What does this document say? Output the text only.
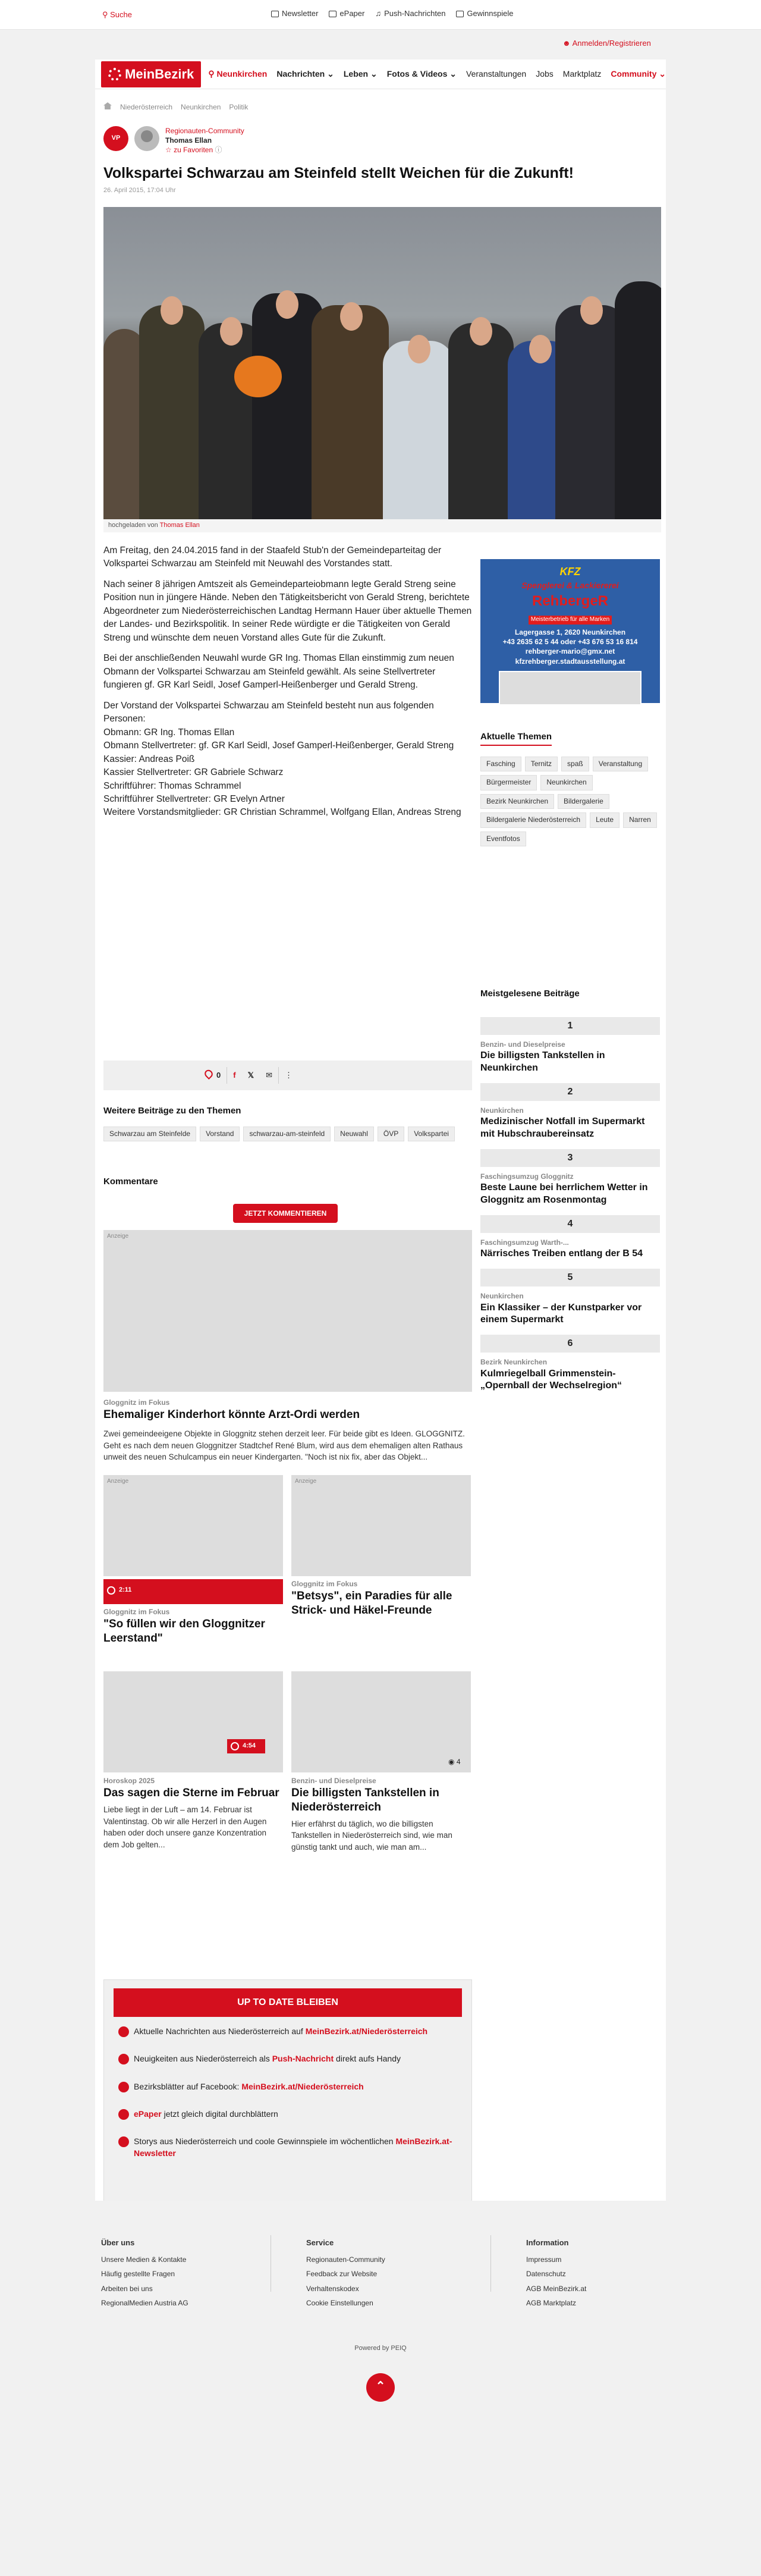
⚲ Suche	Newsletter	ePaper ♫ Push-Nachrichten	Gewinnspiele
☻ Anmelden/Registrieren
MeinBezirk ⚲ Neunkirchen Nachrichten ⌄ Leben ⌄ Fotos & Videos ⌄ Veranstaltungen Jobs Marktplatz Community ⌄
Niederösterreich Neunkirchen Politik
VP
Regionauten-Community
Thomas Ellan
☆ zu Favoriten ⓘ
Volkspartei Schwarzau am Steinfeld stellt Weichen für die Zukunft!
26. April 2015, 17:04 Uhr
hochgeladen von Thomas Ellan

Am Freitag, den 24.04.2015 fand in der Staafeld Stub'n der Gemeindeparteitag der Volkspartei Schwarzau am Steinfeld mit Neuwahl des Vorstandes statt.

Nach seiner 8 jährigen Amtszeit als Gemeindeparteiobmann legte Gerald Streng seine Position nun in jüngere Hände. Neben den Tätigkeitsbericht von Gerald Streng, berichtete Abgeordneter zum Niederösterreichischen Landtag Hermann Hauer über aktuelle Themen der Landes- und Bezirkspolitik. In seiner Rede würdigte er die Tätigkeiten von Gerald Streng und wünschte dem neuen Vorstand alles Gute für die Zukunft.

Bei der anschließenden Neuwahl wurde GR Ing. Thomas Ellan einstimmig zum neuen Obmann der Volkspartei Schwarzau am Steinfeld gewählt. Als seine Stellvertreter fungieren gf. GR Karl Seidl, Josef Gamperl-Heißenberger und Gerald Streng.

Der Vorstand der Volkspartei Schwarzau am Steinfeld besteht nun aus folgenden Personen:
Obmann: GR Ing. Thomas Ellan
Obmann Stellvertreter: gf. GR Karl Seidl, Josef Gamperl-Heißenberger, Gerald Streng
Kassier: Andreas Poiß
Kassier Stellvertreter: GR Gabriele Schwarz
Schriftführer: Thomas Schrammel
Schriftführer Stellvertreter: GR Evelyn Artner
Weitere Vorstandsmitglieder: GR Christian Schrammel, Wolfgang Ellan, Andreas Streng

KFZ
Spenglerei & Lackiererei
RehbergeR
Meisterbetrieb für alle Marken
Lagergasse 1, 2620 Neunkirchen
+43 2635 62 5 44 oder +43 676 53 16 814
rehberger-mario@gmx.net
kfzrehberger.stadtausstellung.at
Aktuelle Themen
Fasching	Ternitz	spaß	Veranstaltung
Bürgermeister	Neunkirchen
Bezirk Neunkirchen	Bildergalerie
Bildergalerie Niederösterreich	Leute	Narren
Eventfotos
Meistgelesene Beiträge
1
Benzin- und Dieselpreise
Die billigsten Tankstellen in Neunkirchen
2
Neunkirchen
Medizinischer Notfall im Supermarkt mit Hubschraubereinsatz
3
Faschingsumzug Gloggnitz
Beste Laune bei herrlichem Wetter in Gloggnitz am Rosenmontag
4
Faschingsumzug Warth-...
Närrisches Treiben entlang der B 54
5
Neunkirchen
Ein Klassiker – der Kunstparker vor einem Supermarkt
6
Bezirk Neunkirchen
Kulmriegelball Grimmenstein-„Opernball der Wechselregion“
0	f	𝕏	✉	⋮
Weitere Beiträge zu den Themen
Schwarzau am Steinfelde	Vorstand	schwarzau-am-steinfeld	Neuwahl	ÖVP	Volkspartei
Kommentare
JETZT KOMMENTIEREN
Anzeige
Gloggnitz im Fokus
Ehemaliger Kinderhort könnte Arzt-Ordi werden
Zwei gemeindeeigene Objekte in Gloggnitz stehen derzeit leer. Für beide gibt es Ideen. GLOGGNITZ. Geht es nach dem neuen Gloggnitzer Stadtchef René Blum, wird aus dem ehemaligen alten Rathaus unweit des neuen Schulcampus ein neuer Kindergarten. "Noch ist nix fix, aber das Objekt...
Anzeige	Anzeige
2:11
Gloggnitz im Fokus
"So füllen wir den Gloggnitzer Leerstand"
Gloggnitz im Fokus
"Betsys", ein Paradies für alle Strick- und Häkel-Freunde
4:54
◉ 4
Horoskop 2025
Das sagen die Sterne im Februar
Liebe liegt in der Luft – am 14. Februar ist Valentinstag. Ob wir alle Herzerl in den Augen haben oder doch unsere ganze Konzentration dem Job gelten...
Benzin- und Dieselpreise
Die billigsten Tankstellen in Niederösterreich
Hier erfährst du täglich, wo die billigsten Tankstellen in Niederösterreich sind, wie man günstig tankt und auch, wie man am...
UP TO DATE BLEIBEN
Aktuelle Nachrichten aus Niederösterreich auf MeinBezirk.at/Niederösterreich
Neuigkeiten aus Niederösterreich als Push-Nachricht direkt aufs Handy
Bezirksblätter auf Facebook: MeinBezirk.at/Niederösterreich
ePaper jetzt gleich digital durchblättern
Storys aus Niederösterreich und coole Gewinnspiele im wöchentlichen MeinBezirk.at-Newsletter
Über uns
Unsere Medien & Kontakte
Häufig gestellte Fragen
Arbeiten bei uns
RegionalMedien Austria AG
Service
Regionauten-Community
Feedback zur Website
Verhaltenskodex
Cookie Einstellungen
Information
Impressum
Datenschutz
AGB MeinBezirk.at
AGB Marktplatz
Powered by PEIQ
⌃
